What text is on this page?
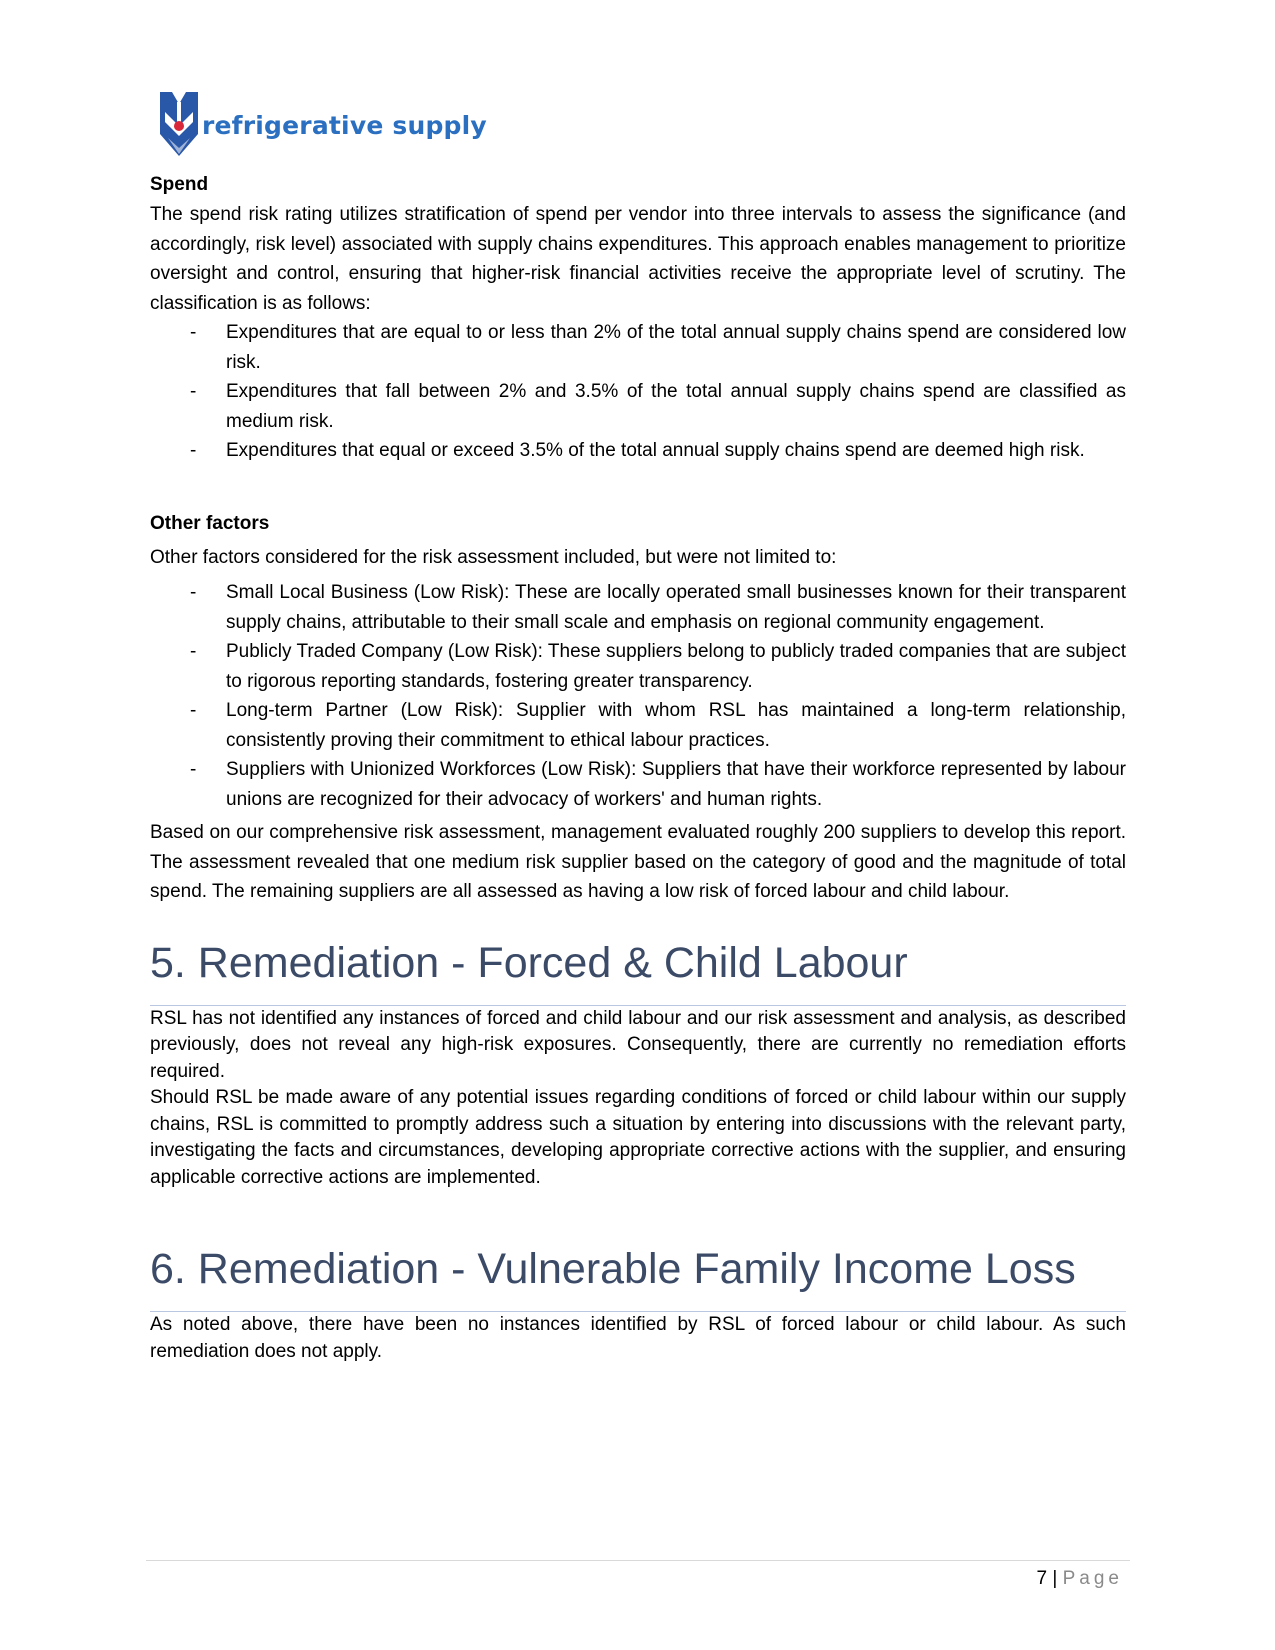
refrigerative supply
Spend

The spend risk rating utilizes stratification of spend per vendor into three intervals to assess the significance (and accordingly, risk level) associated with supply chains expenditures. This approach enables management to prioritize oversight and control, ensuring that higher-risk financial activities receive the appropriate level of scrutiny. The classification is as follows:

- Expenditures that are equal to or less than 2% of the total annual supply chains spend are considered low risk.
- Expenditures that fall between 2% and 3.5% of the total annual supply chains spend are classified as medium risk.
- Expenditures that equal or exceed 3.5% of the total annual supply chains spend are deemed high risk.
Other factors

Other factors considered for the risk assessment included, but were not limited to:

- Small Local Business (Low Risk): These are locally operated small businesses known for their transparent supply chains, attributable to their small scale and emphasis on regional community engagement.
- Publicly Traded Company (Low Risk): These suppliers belong to publicly traded companies that are subject to rigorous reporting standards, fostering greater transparency.
- Long-term Partner (Low Risk): Supplier with whom RSL has maintained a long-term relationship, consistently proving their commitment to ethical labour practices.
- Suppliers with Unionized Workforces (Low Risk): Suppliers that have their workforce represented by labour unions are recognized for their advocacy of workers' and human rights.

Based on our comprehensive risk assessment, management evaluated roughly 200 suppliers to develop this report. The assessment revealed that one medium risk supplier based on the category of good and the magnitude of total spend. The remaining suppliers are all assessed as having a low risk of forced labour and child labour.

5. Remediation - Forced & Child Labour

RSL has not identified any instances of forced and child labour and our risk assessment and analysis, as described previously, does not reveal any high-risk exposures. Consequently, there are currently no remediation efforts required.

Should RSL be made aware of any potential issues regarding conditions of forced or child labour within our supply chains, RSL is committed to promptly address such a situation by entering into discussions with the relevant party, investigating the facts and circumstances, developing appropriate corrective actions with the supplier, and ensuring applicable corrective actions are implemented.

6. Remediation - Vulnerable Family Income Loss

As noted above, there have been no instances identified by RSL of forced labour or child labour. As such remediation does not apply.

7 | Page
